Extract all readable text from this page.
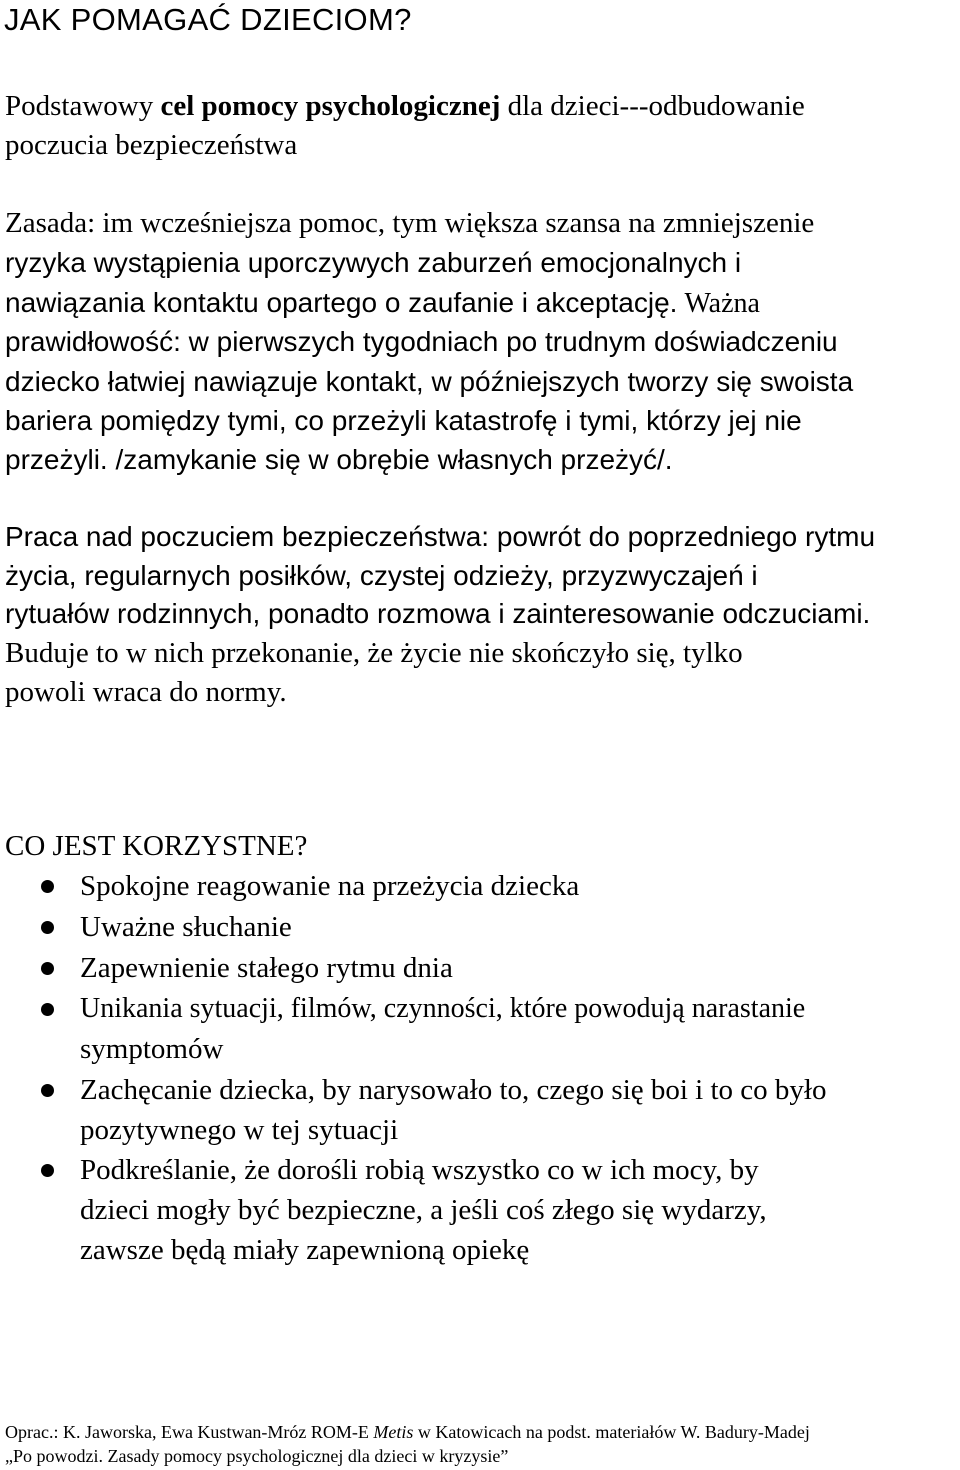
JAK POMAGAĆ DZIECIOM?
Podstawowy cel pomocy psychologicznej dla dzieci---odbudowanie
poczucia bezpieczeństwa
Zasada: im wcześniejsza pomoc, tym większa szansa na zmniejszenie
ryzyka wystąpienia uporczywych zaburzeń emocjonalnych i
nawiązania kontaktu opartego o zaufanie i akceptację. Ważna
prawidłowość: w pierwszych tygodniach po trudnym doświadczeniu
dziecko łatwiej nawiązuje kontakt, w późniejszych tworzy się swoista
bariera pomiędzy tymi, co przeżyli katastrofę i tymi, którzy jej nie
przeżyli. /zamykanie się w obrębie własnych przeżyć/.
Praca nad poczuciem bezpieczeństwa: powrót do poprzedniego rytmu
życia, regularnych posiłków, czystej odzieży, przyzwyczajeń i
rytuałów rodzinnych, ponadto rozmowa i zainteresowanie odczuciami.
Buduje to w nich przekonanie, że życie nie skończyło się, tylko
powoli wraca do normy.
CO JEST KORZYSTNE?
Spokojne reagowanie na przeżycia dziecka
Uważne słuchanie
Zapewnienie stałego rytmu dnia
Unikania sytuacji, filmów, czynności, które powodują narastanie
symptomów
Zachęcanie dziecka, by narysowało to, czego się boi i to co było
pozytywnego w tej sytuacji
Podkreślanie, że dorośli robią wszystko co w ich mocy, by
dzieci mogły być bezpieczne, a jeśli coś złego się wydarzy,
zawsze będą miały zapewnioną opiekę
Oprac.: K. Jaworska, Ewa Kustwan-Mróz ROM-E Metis w Katowicach na podst. materiałów W. Badury-Madej
„Po powodzi. Zasady pomocy psychologicznej dla dzieci w kryzysie”
